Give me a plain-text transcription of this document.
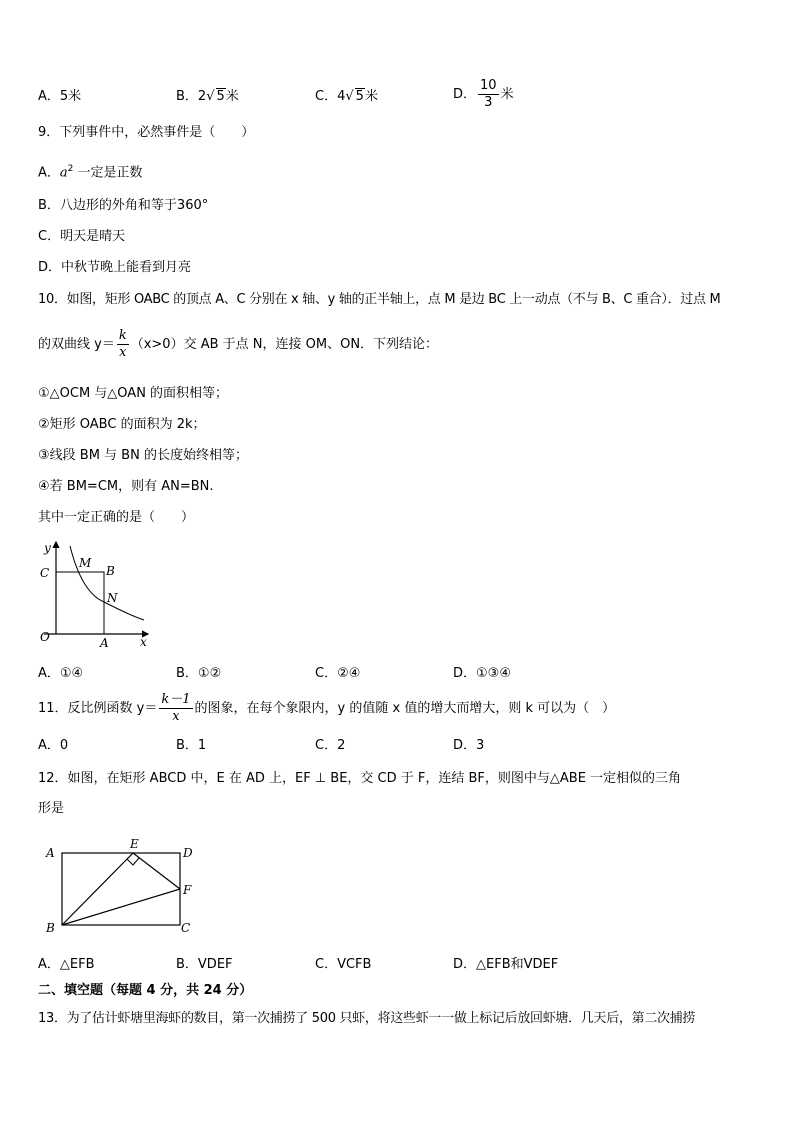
A．5米	B．2√ 5米	C．4√ 5米	D． $\frac{10}{3}$ 米
9．下列事件中，必然事件是（　　）
A．$a^2$ 一定是正数
B．八边形的外角和等于360°
C．明天是晴天
D．中秋节晚上能看到月亮
10．如图，矩形 OABC 的顶点 A、C 分别在 x 轴、y 轴的正半轴上，点 M 是边 BC 上一动点（不与 B、C 重合）．过点 M
的双曲线 $y= \frac{k}{x} (x>0)$交 AB 于点 N，连接 OM、ON．下列结论：
①△OCM 与△OAN 的面积相等；
②矩形 OABC 的面积为 2k；
③线段 BM 与 BN 的长度始终相等；
④若 BM=CM，则有 AN=BN.
其中一定正确的是（　　）
y
C
M
B
N
O	A	x
A．①④	B．①②	C．②④	D．①③④
11．反比例函数 $y= \frac{k-1}{x}$ 的图象，在每个象限内，y 的值随 x 值的增大而增大，则 k 可以为（　）
A．0	B．1	C．2	D．3
12．如图，在矩形 ABCD 中，E 在 AD 上，EF ⊥ BE，交 CD 于 F，连结 BF，则图中与△ABE 一定相似的三角
形是
A
E
D
F
B	C
A．△EFB	B．VDEF	C．VCFB	D．△EFB和VDEF
二、填空题（每题 4 分，共 24 分）
13．为了估计虾塘里海虾的数目，第一次捕捞了 500 只虾，将这些虾一一做上标记后放回虾塘．几天后，第二次捕捞
